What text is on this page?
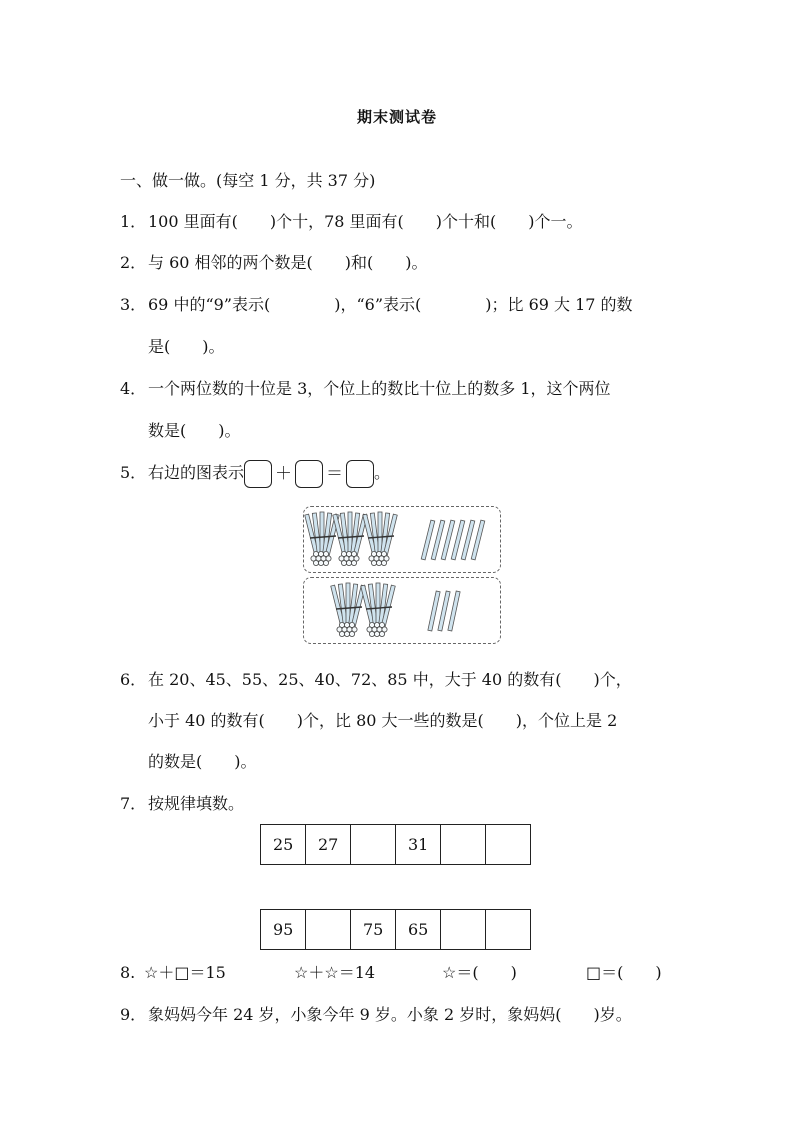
期末测试卷
一、做一做。(每空 1 分，共 37 分)
1． 100 里面有(　　)个十，78 里面有(　　)个十和(　　)个一。
2． 与 60 相邻的两个数是(　　)和(　　)。
3． 69 中的“9”表示(　　　　)，“6”表示(　　　　)；比 69 大 17 的数
是(　　)。
4． 一个两位数的十位是 3，个位上的数比十位上的数多 1，这个两位
数是(　　)。
5． 右边的图表示 ＋ ＝ 。
6． 在 20、45、55、25、40、72、85 中，大于 40 的数有(　　)个，
小于 40 的数有(　　)个，比 80 大一些的数是(　　)，个位上是 2
的数是(　　)。
7． 按规律填数。
25	27		31		
95		75	65		
8. ☆＋□＝15	☆＋☆＝14	☆＝(　　)	□＝(　　)
9． 象妈妈今年 24 岁，小象今年 9 岁。小象 2 岁时，象妈妈(　　)岁。
